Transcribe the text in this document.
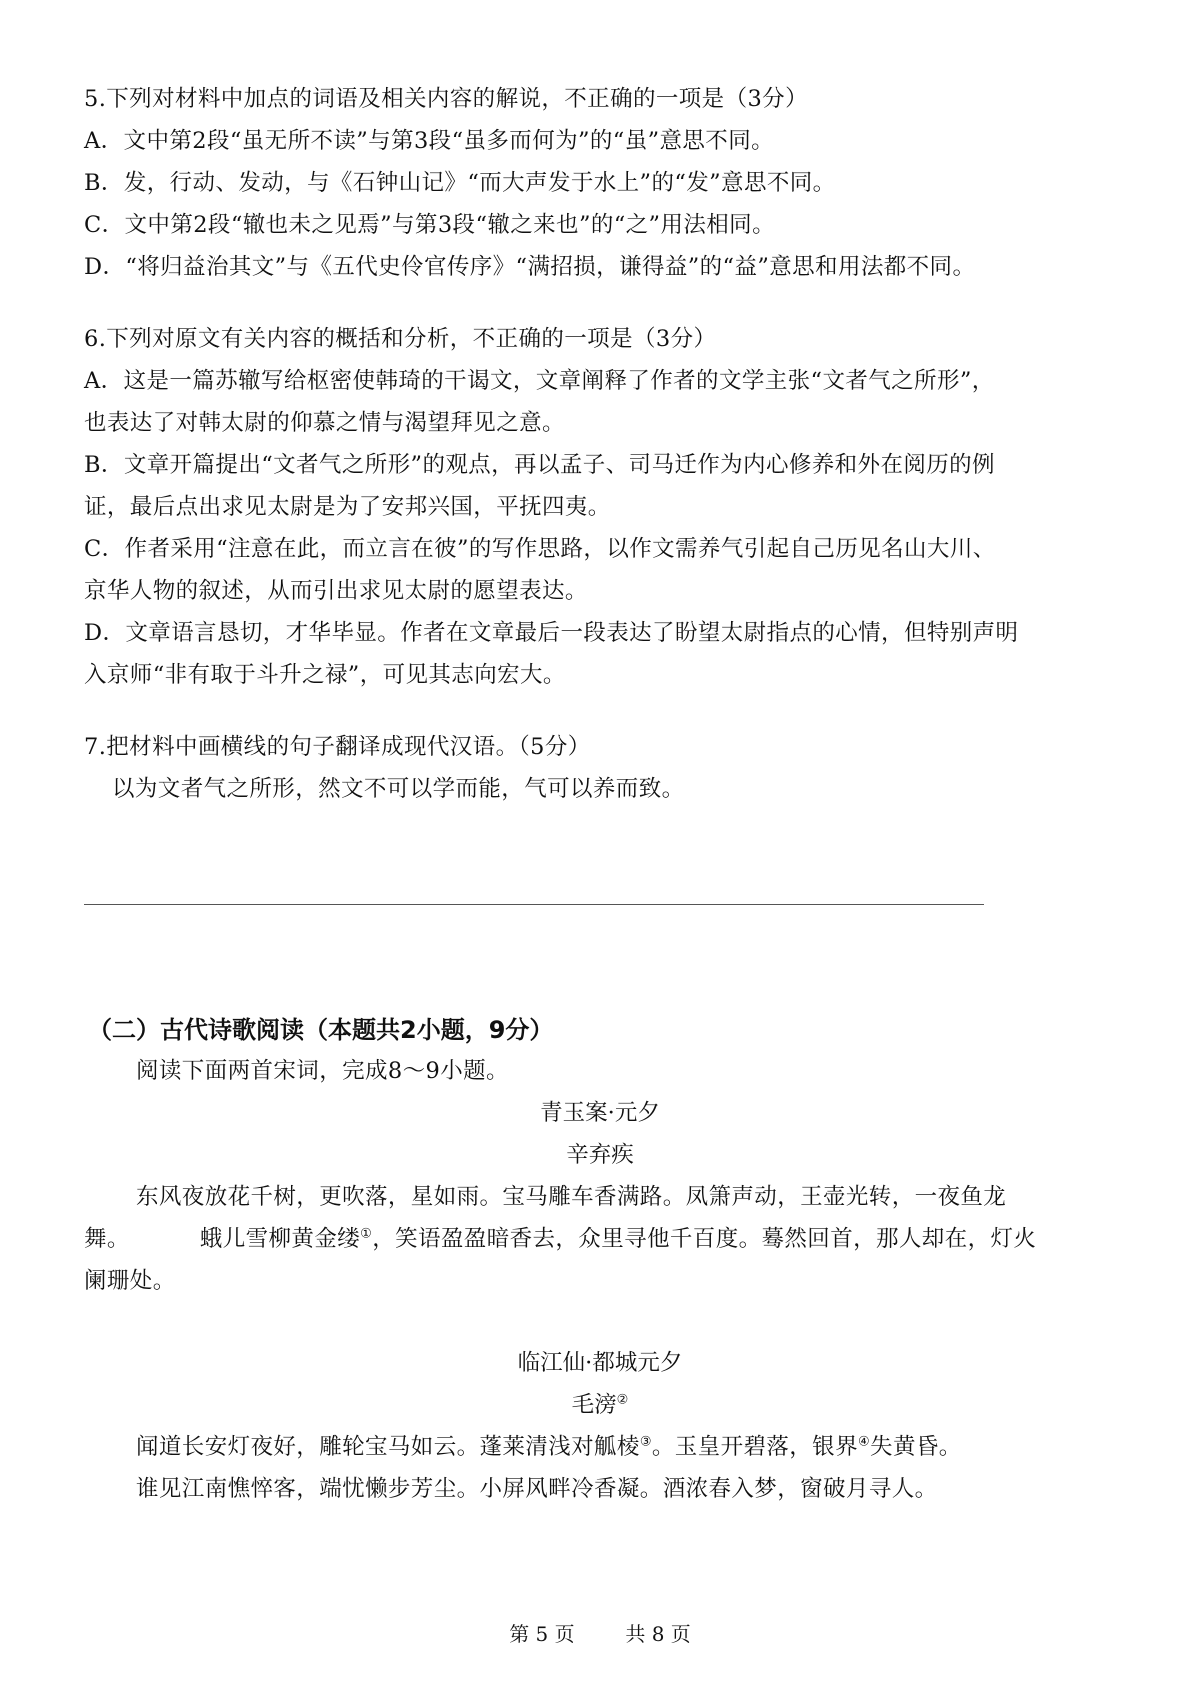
5.下列对材料中加点的词语及相关内容的解说，不正确的一项是（3分）
A．文中第2段“虽无所不读”与第3段“虽多而何为”的“虽”意思不同。
B．发，行动、发动，与《石钟山记》“而大声发于水上”的“发”意思不同。
C．文中第2段“辙也未之见焉”与第3段“辙之来也”的“之”用法相同。
D．“将归益治其文”与《五代史伶官传序》“满招损，谦得益”的“益”意思和用法都不同。
6.下列对原文有关内容的概括和分析，不正确的一项是（3分）
A．这是一篇苏辙写给枢密使韩琦的干谒文，文章阐释了作者的文学主张“文者气之所形”，
也表达了对韩太尉的仰慕之情与渴望拜见之意。
B．文章开篇提出“文者气之所形”的观点，再以孟子、司马迁作为内心修养和外在阅历的例
证，最后点出求见太尉是为了安邦兴国，平抚四夷。
C．作者采用“注意在此，而立言在彼”的写作思路，以作文需养气引起自己历见名山大川、
京华人物的叙述，从而引出求见太尉的愿望表达。
D．文章语言恳切，才华毕显。作者在文章最后一段表达了盼望太尉指点的心情，但特别声明
入京师“非有取于斗升之禄”，可见其志向宏大。
7.把材料中画横线的句子翻译成现代汉语。（5分）
以为文者气之所形，然文不可以学而能，气可以养而致。
（二）古代诗歌阅读（本题共2小题，9分）
阅读下面两首宋词，完成8～9小题。
青玉案·元夕
辛弃疾
东风夜放花千树，更吹落，星如雨。宝马雕车香满路。凤箫声动，王壶光转，一夜鱼龙
舞。	蛾儿雪柳黄金缕①，笑语盈盈暗香去，众里寻他千百度。蓦然回首，那人却在，灯火
阑珊处。
临江仙·都城元夕
毛滂②
闻道长安灯夜好，雕轮宝马如云。蓬莱清浅对觚棱③。玉皇开碧落，银界④失黄昏。
谁见江南憔悴客，端忧懒步芳尘。小屏风畔冷香凝。酒浓春入梦，窗破月寻人。
第 5 页	共 8 页
